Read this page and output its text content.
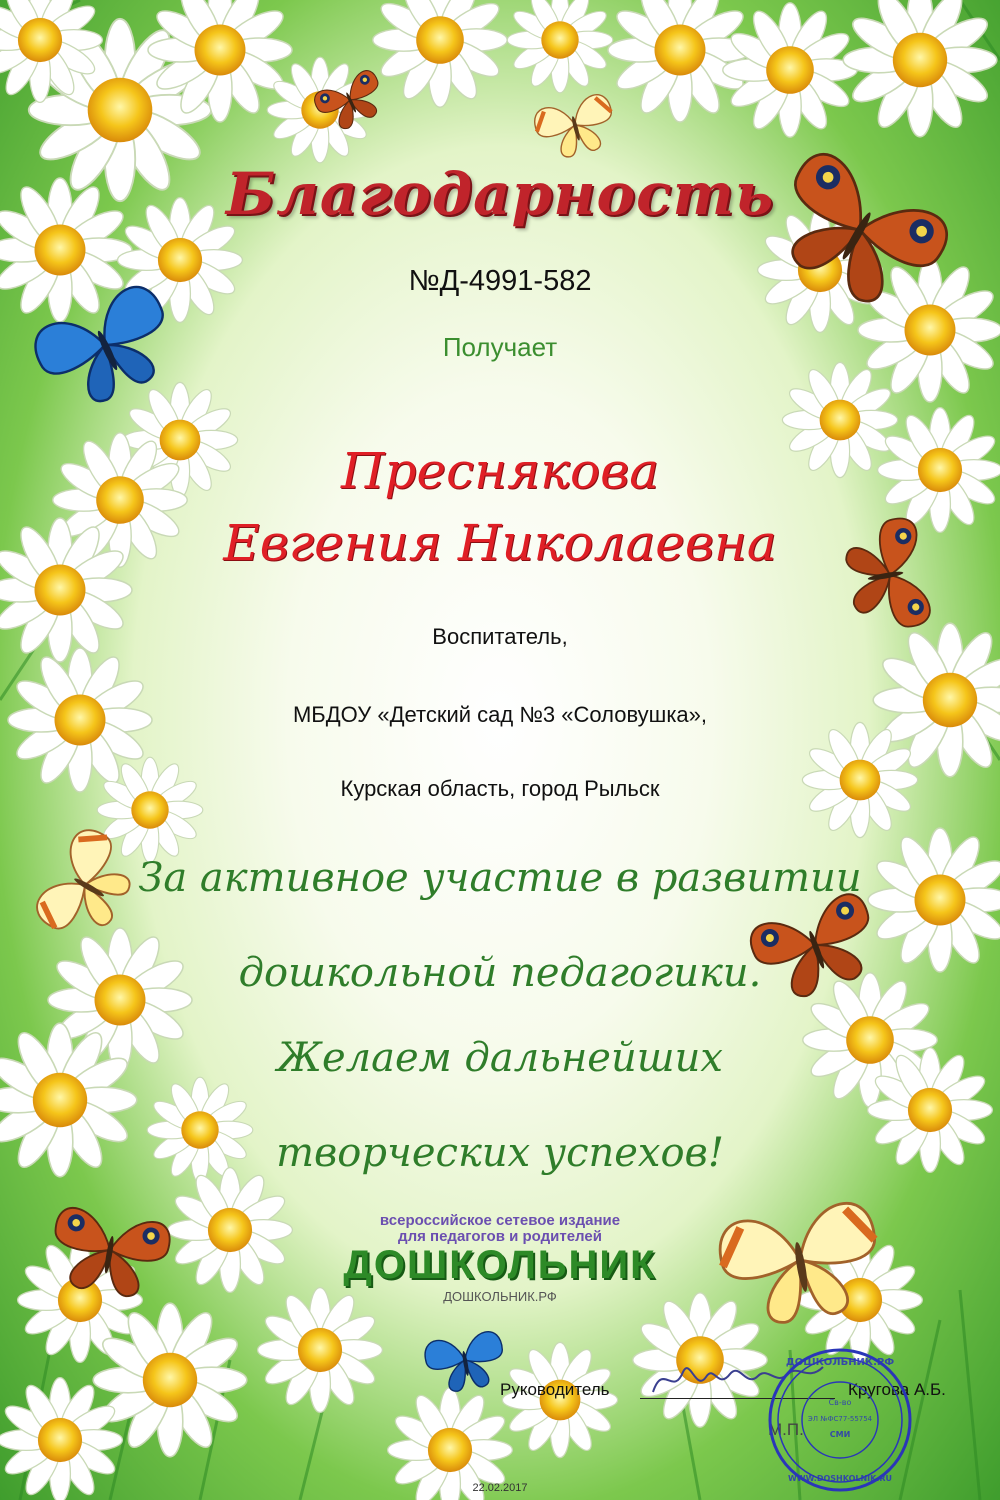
Благодарность
№Д-4991-582
Получает
Преснякова
Евгения Николаевна
Воспитатель,
МБДОУ «Детский сад №3 «Соловушка»,
Курская область, город Рыльск
За активное участие в развитии
дошкольной педагогики.
Желаем дальнейших
творческих успехов!
всероссийское сетевое издание
для педагогов и родителей
ДОШКОЛЬНИК
ДОШКОЛЬНИК.РФ
Руководитель	Кругова А.Б.
М.П.
ДОШКОЛЬНИК.РФ
Св-во
ЭЛ №ФС77-55754
СМИ
WWW.DOSHKOLNIK.RU
22.02.2017
